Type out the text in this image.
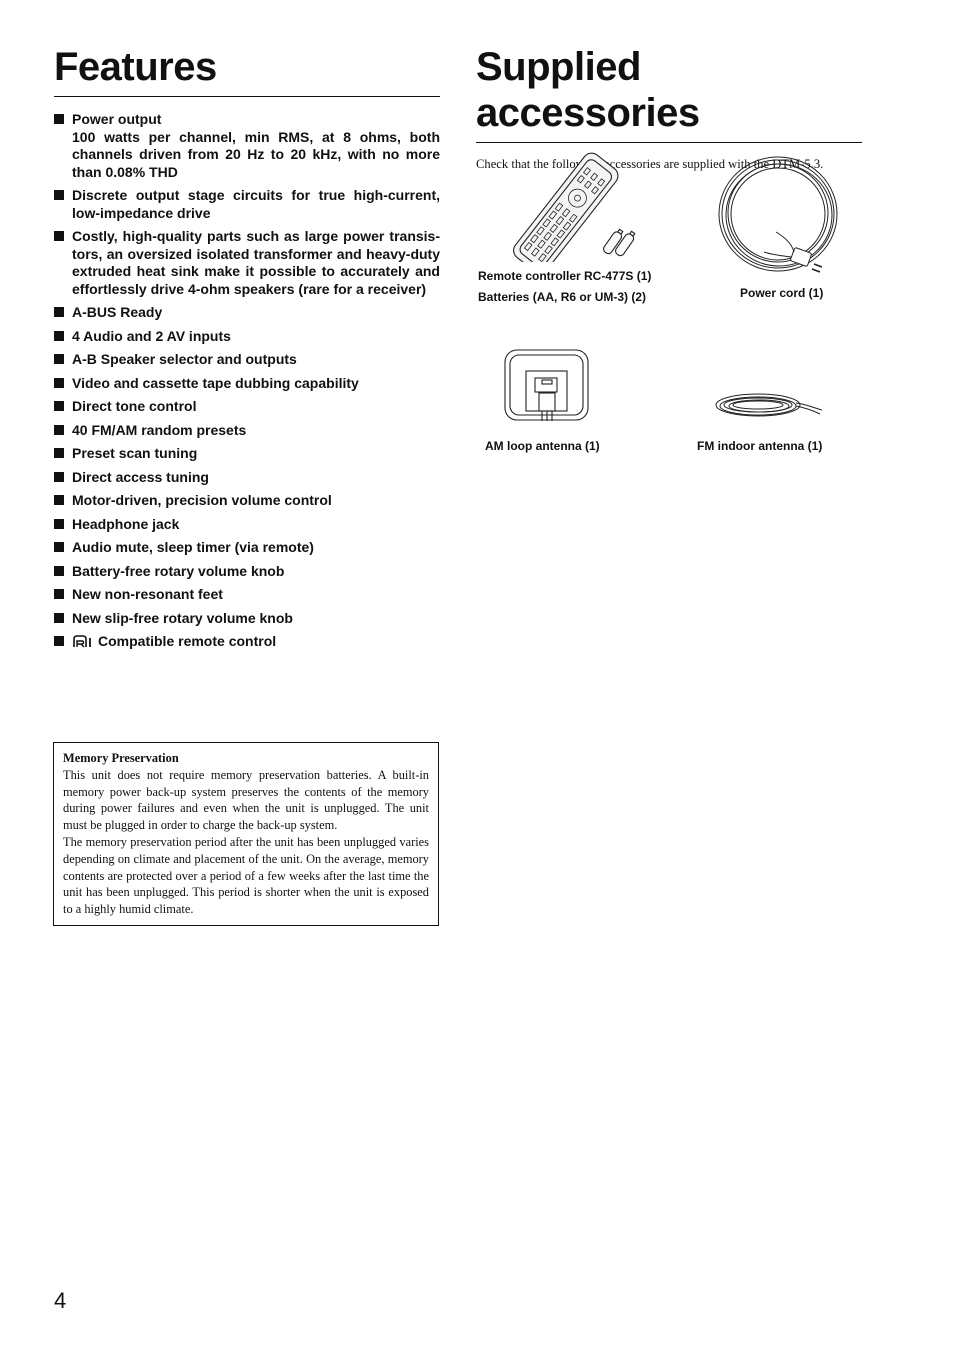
Features
Power output
100 watts per channel, min RMS, at 8 ohms, both channels driven from 20 Hz to 20 kHz, with no more than 0.08% THD
Discrete output stage circuits for true high-current, low-impedance drive
Costly, high-quality parts such as large power transis-tors, an oversized isolated transformer and heavy-duty extruded heat sink make it possible to accurately and effortlessly drive 4-ohm speakers (rare for a receiver)
A-BUS Ready
4 Audio and 2 AV inputs
A-B Speaker selector and outputs
Video and cassette tape dubbing capability
Direct tone control
40 FM/AM random presets
Preset scan tuning
Direct access tuning
Motor-driven, precision volume control
Headphone jack
Audio mute, sleep timer (via remote)
Battery-free rotary volume knob
New non-resonant feet
New slip-free rotary volume knob
Compatible remote control

Memory Preservation

This unit does not require memory preservation batteries. A built-in memory power back-up system preserves the contents of the memory during power failures and even when the unit is unplugged. The unit must be plugged in order to charge the back-up system.

The memory preservation period after the unit has been unplugged varies depending on climate and placement of the unit. On the average, memory contents are protected over a period of a few weeks after the last time the unit has been unplugged. This period is shorter when the unit is exposed to a highly humid climate.

Supplied accessories

Check that the following accessories are supplied with the DTM-5.3.

Remote controller RC-477S (1)
Batteries (AA, R6 or UM-3) (2)	Power cord (1)
AM loop antenna (1)	FM indoor antenna (1)
4
